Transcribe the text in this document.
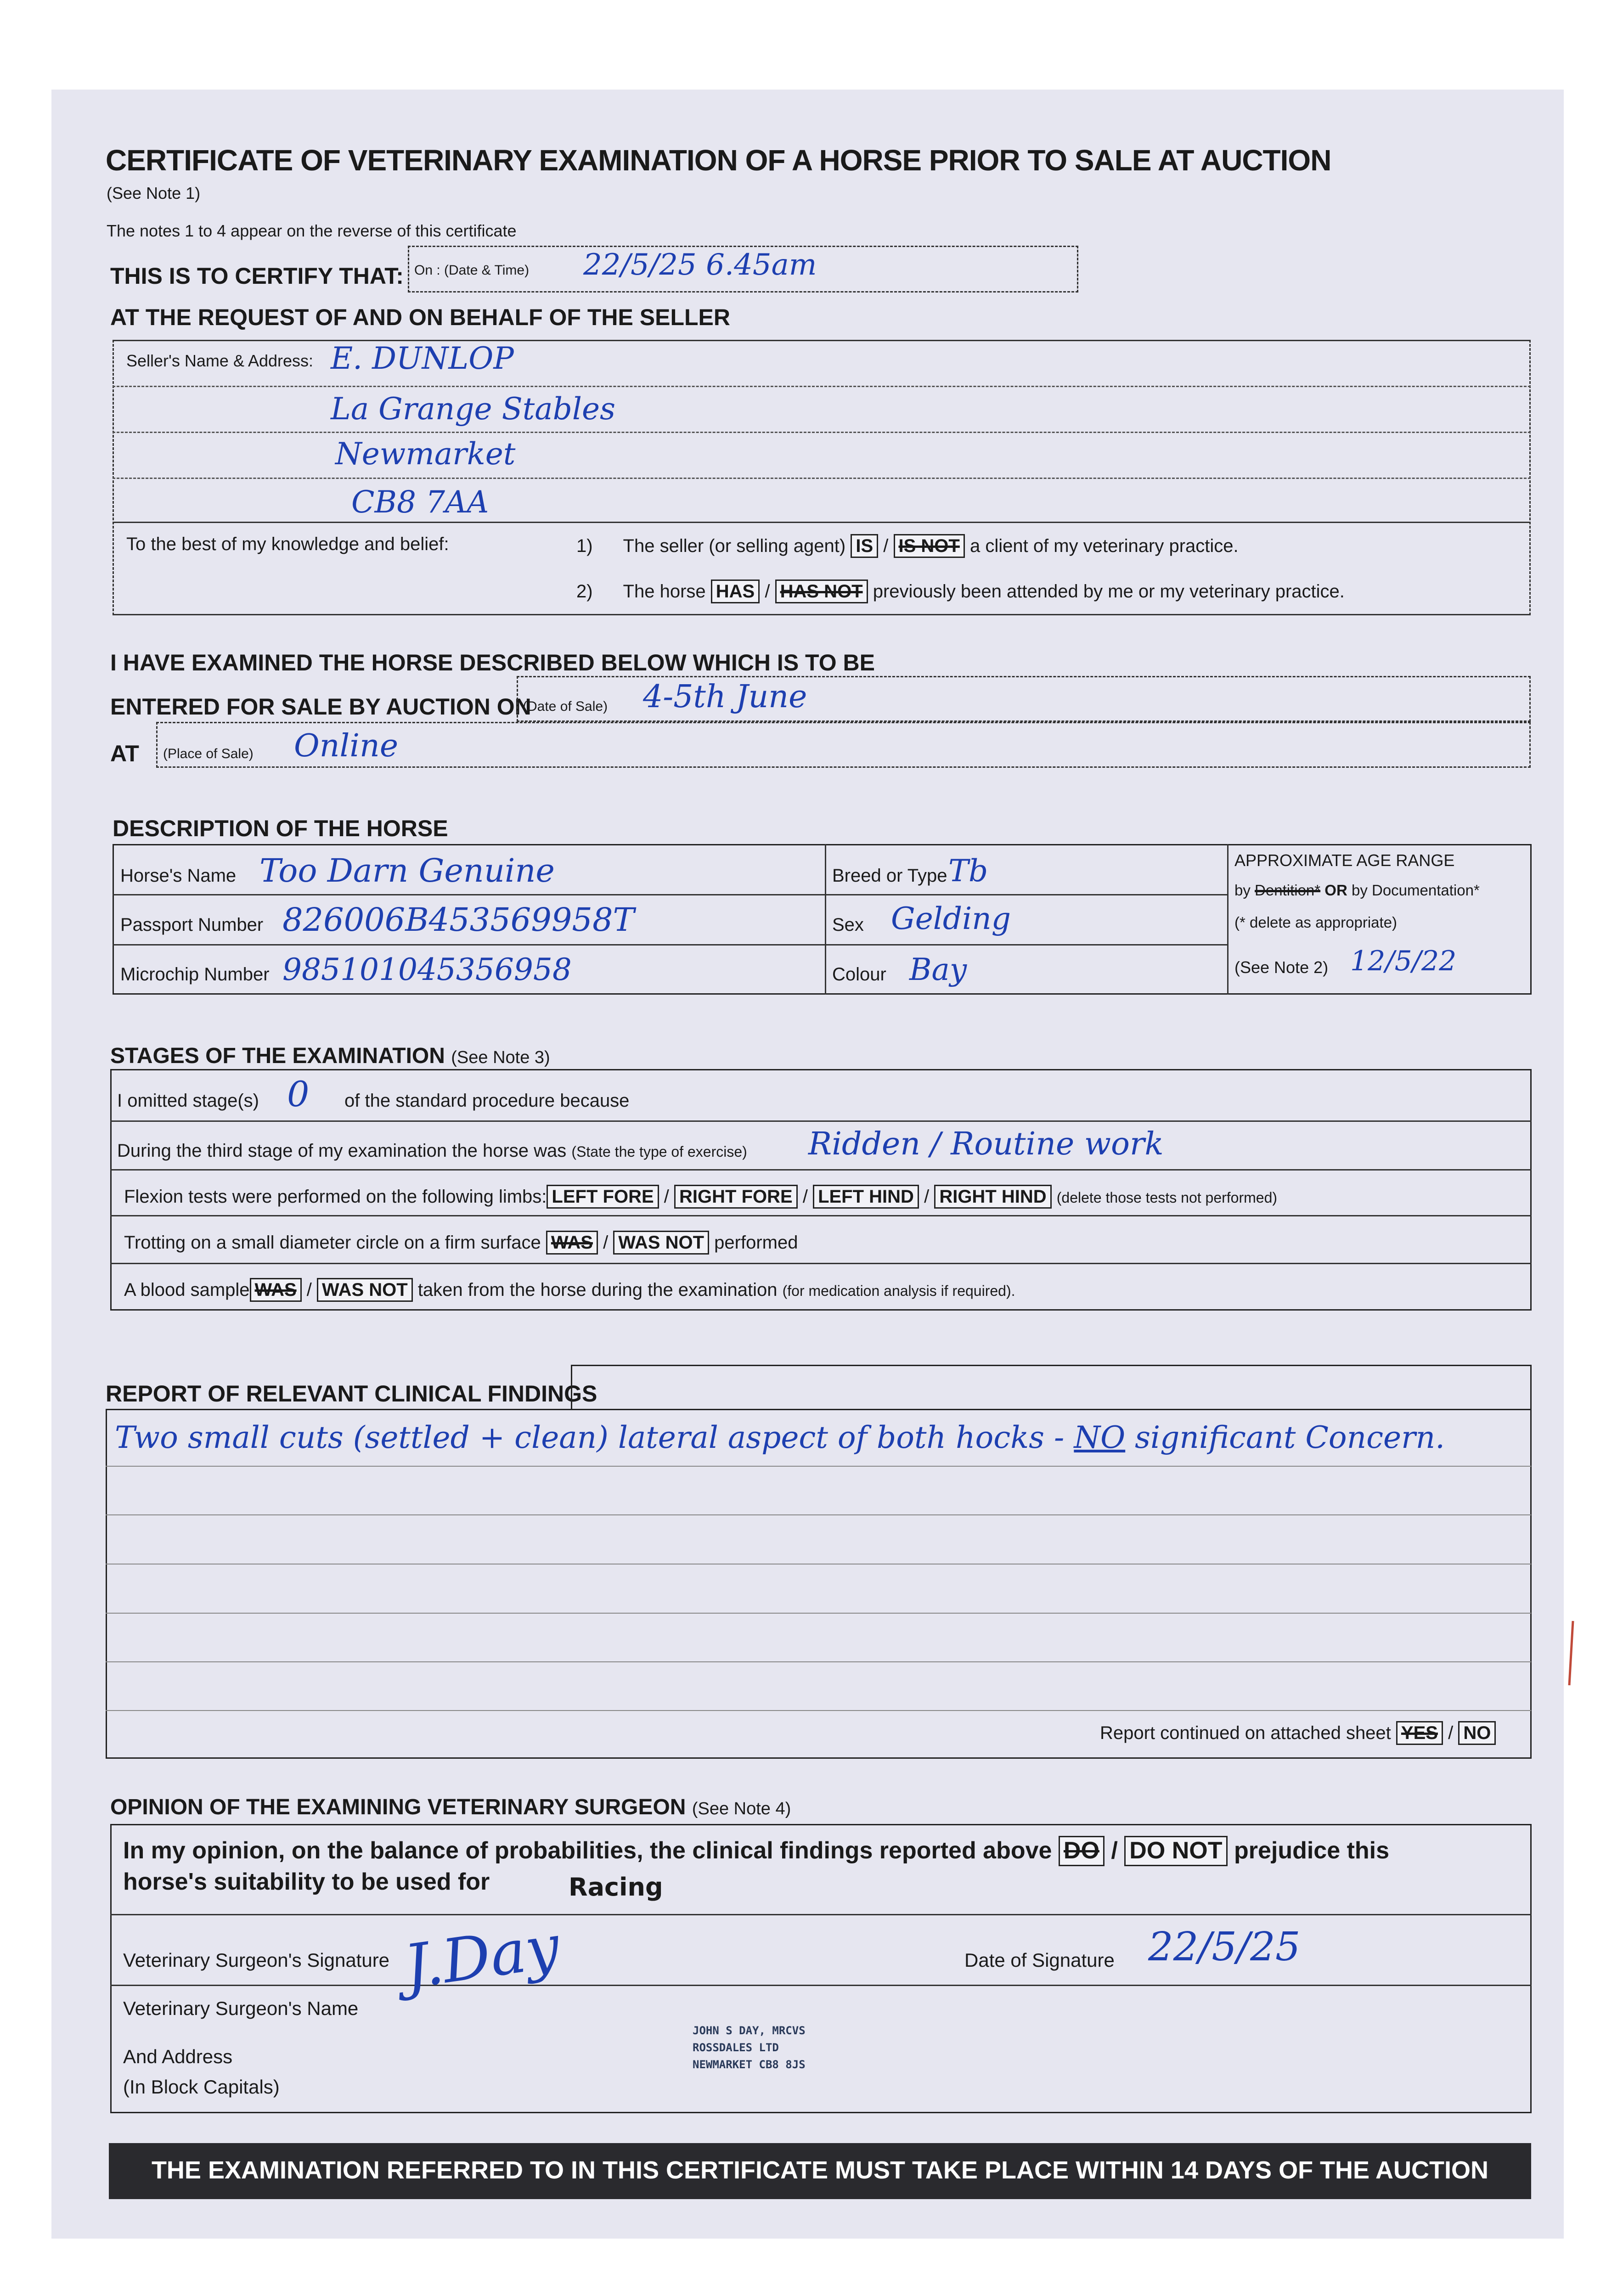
CERTIFICATE OF VETERINARY EXAMINATION OF A HORSE PRIOR TO SALE AT AUCTION
(See Note 1)
The notes 1 to 4 appear on the reverse of this certificate
THIS IS TO CERTIFY THAT: On : (Date & Time) 22/5/25 6.45am
AT THE REQUEST OF AND ON BEHALF OF THE SELLER
Seller's Name & Address: E. DUNLOP
La Grange Stables
Newmarket
CB8 7AA
To the best of my knowledge and belief:	1) The seller (or selling agent) IS / IS NOT a client of my veterinary practice.
2) The horse HAS / HAS NOT previously been attended by me or my veterinary practice.
I HAVE EXAMINED THE HORSE DESCRIBED BELOW WHICH IS TO BE
ENTERED FOR SALE BY AUCTION ON
(Date of Sale) 4-5th June
AT (Place of Sale) Online
DESCRIPTION OF THE HORSE
Horse's Name Too Darn Genuine
Passport Number 826006B453569958T
Microchip Number 985101045356958
Breed or Type Tb
Sex Gelding
Colour Bay
APPROXIMATE AGE RANGE
by Dentition* OR by Documentation*
(* delete as appropriate)
(See Note 2) 12/5/22
STAGES OF THE EXAMINATION (See Note 3)
I omitted stage(s) 0 of the standard procedure because
During the third stage of my examination the horse was (State the type of exercise) Ridden / Routine work
Flexion tests were performed on the following limbs: LEFT FORE / RIGHT FORE / LEFT HIND / RIGHT HIND (delete those tests not performed)
Trotting on a small diameter circle on a firm surface WAS / WAS NOT performed
A blood sample WAS / WAS NOT taken from the horse during the examination (for medication analysis if required).
REPORT OF RELEVANT CLINICAL FINDINGS
Two small cuts (settled + clean) lateral aspect of both hocks - NO significant Concern.
Report continued on attached sheet YES / NO
OPINION OF THE EXAMINING VETERINARY SURGEON (See Note 4)
In my opinion, on the balance of probabilities, the clinical findings reported above DO / DO NOT prejudice this
horse's suitability to be used for	Racing
Veterinary Surgeon's Signature J.Day	Date of Signature 22/5/25
Veterinary Surgeon's Name
And Address
(In Block Capitals)
JOHN S DAY, MRCVS
ROSSDALES LTD
NEWMARKET CB8 8JS
THE EXAMINATION REFERRED TO IN THIS CERTIFICATE MUST TAKE PLACE WITHIN 14 DAYS OF THE AUCTION
